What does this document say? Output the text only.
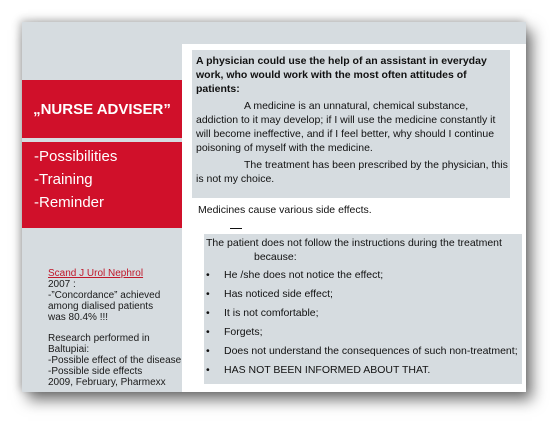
„NURSE ADVISER”
-Possibilities
-Training
-Reminder
Scand J Urol Nephrol
2007 :
-”Concordance” achieved
among dialised patients
was 80.4% !!!
Research performed in Baltupiai:
-Possible effect of the disease
-Possible side effects
2009, February, Pharmexx
A physician could use the help of an assistant in everyday work, who would work with the most often attitudes of patients:
A medicine is an unnatural, chemical substance, addiction to it may develop; if I will use the medicine constantly it will become ineffective, and if I feel better, why should I continue poisoning of myself with the medicine.
The treatment has been prescribed by the physician, this is not my choice.
Medicines cause various side effects.
The patient does not follow the instructions during the treatment
because:
• He /she does not notice the effect;
• Has noticed side effect;
• It is not comfortable;
• Forgets;
• Does not understand the consequences of such non-treatment;
• HAS NOT BEEN INFORMED ABOUT THAT.
